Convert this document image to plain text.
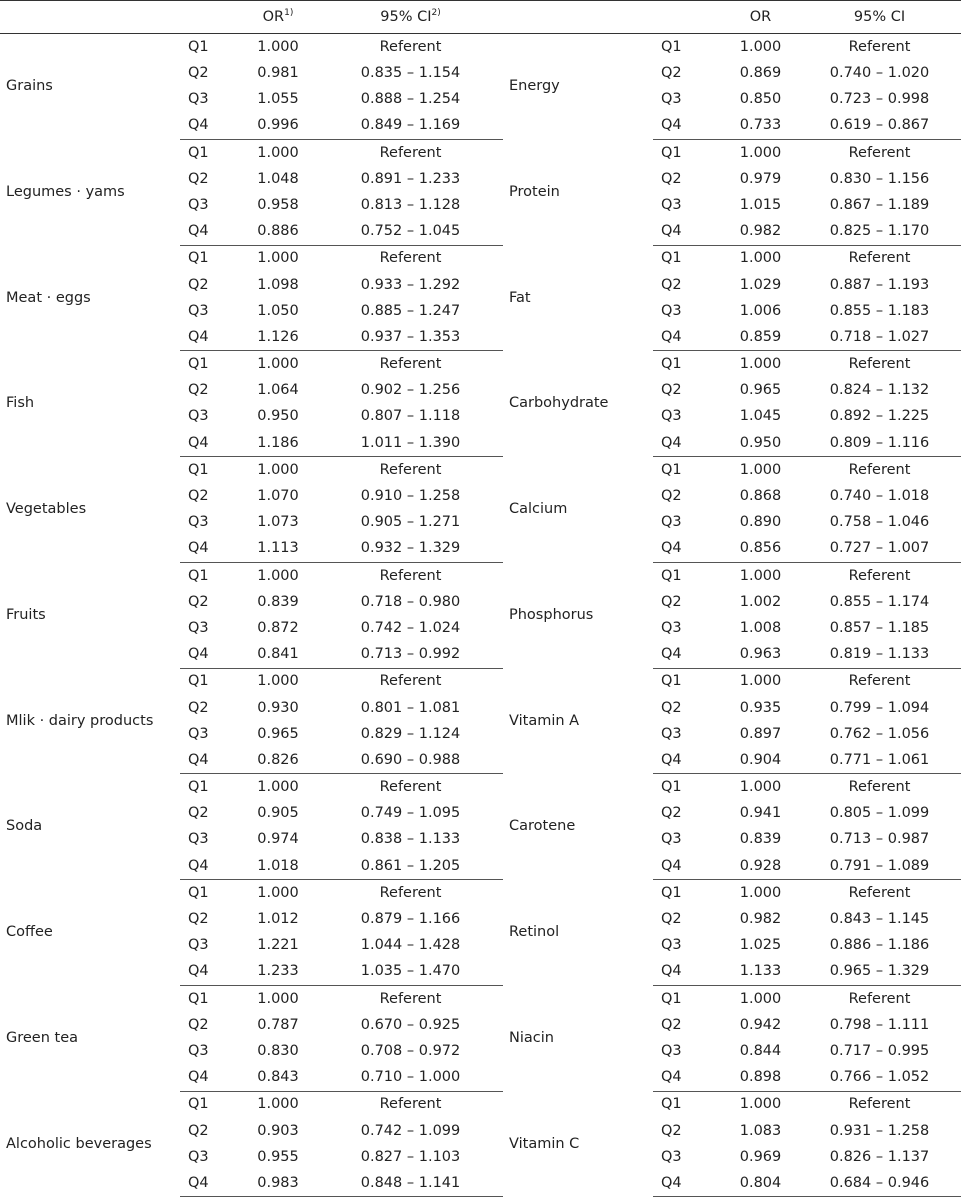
		OR$^{1)}$	95% CI$^{2)}$			OR	95% CI
Grains	Q1	1.000	Referent	Energy	Q1	1.000	Referent
	Q2	0.981	0.835 – 1.154		Q2	0.869	0.740 – 1.020
	Q3	1.055	0.888 – 1.254		Q3	0.850	0.723 – 0.998
	Q4	0.996	0.849 – 1.169		Q4	0.733	0.619 – 0.867
Legumes · yams	Q1	1.000	Referent	Protein	Q1	1.000	Referent
	Q2	1.048	0.891 – 1.233		Q2	0.979	0.830 – 1.156
	Q3	0.958	0.813 – 1.128		Q3	1.015	0.867 – 1.189
	Q4	0.886	0.752 – 1.045		Q4	0.982	0.825 – 1.170
Meat · eggs	Q1	1.000	Referent	Fat	Q1	1.000	Referent
	Q2	1.098	0.933 – 1.292		Q2	1.029	0.887 – 1.193
	Q3	1.050	0.885 – 1.247		Q3	1.006	0.855 – 1.183
	Q4	1.126	0.937 – 1.353		Q4	0.859	0.718 – 1.027
Fish	Q1	1.000	Referent	Carbohydrate	Q1	1.000	Referent
	Q2	1.064	0.902 – 1.256		Q2	0.965	0.824 – 1.132
	Q3	0.950	0.807 – 1.118		Q3	1.045	0.892 – 1.225
	Q4	1.186	1.011 – 1.390		Q4	0.950	0.809 – 1.116
Vegetables	Q1	1.000	Referent	Calcium	Q1	1.000	Referent
	Q2	1.070	0.910 – 1.258		Q2	0.868	0.740 – 1.018
	Q3	1.073	0.905 – 1.271		Q3	0.890	0.758 – 1.046
	Q4	1.113	0.932 – 1.329		Q4	0.856	0.727 – 1.007
Fruits	Q1	1.000	Referent	Phosphorus	Q1	1.000	Referent
	Q2	0.839	0.718 – 0.980		Q2	1.002	0.855 – 1.174
	Q3	0.872	0.742 – 1.024		Q3	1.008	0.857 – 1.185
	Q4	0.841	0.713 – 0.992		Q4	0.963	0.819 – 1.133
Mlik · dairy products	Q1	1.000	Referent	Vitamin A	Q1	1.000	Referent
	Q2	0.930	0.801 – 1.081		Q2	0.935	0.799 – 1.094
	Q3	0.965	0.829 – 1.124		Q3	0.897	0.762 – 1.056
	Q4	0.826	0.690 – 0.988		Q4	0.904	0.771 – 1.061
Soda	Q1	1.000	Referent	Carotene	Q1	1.000	Referent
	Q2	0.905	0.749 – 1.095		Q2	0.941	0.805 – 1.099
	Q3	0.974	0.838 – 1.133		Q3	0.839	0.713 – 0.987
	Q4	1.018	0.861 – 1.205		Q4	0.928	0.791 – 1.089
Coffee	Q1	1.000	Referent	Retinol	Q1	1.000	Referent
	Q2	1.012	0.879 – 1.166		Q2	0.982	0.843 – 1.145
	Q3	1.221	1.044 – 1.428		Q3	1.025	0.886 – 1.186
	Q4	1.233	1.035 – 1.470		Q4	1.133	0.965 – 1.329
Green tea	Q1	1.000	Referent	Niacin	Q1	1.000	Referent
	Q2	0.787	0.670 – 0.925		Q2	0.942	0.798 – 1.111
	Q3	0.830	0.708 – 0.972		Q3	0.844	0.717 – 0.995
	Q4	0.843	0.710 – 1.000		Q4	0.898	0.766 – 1.052
Alcoholic beverages	Q1	1.000	Referent	Vitamin C	Q1	1.000	Referent
	Q2	0.903	0.742 – 1.099		Q2	1.083	0.931 – 1.258
	Q3	0.955	0.827 – 1.103		Q3	0.969	0.826 – 1.137
	Q4	0.983	0.848 – 1.141		Q4	0.804	0.684 – 0.946
